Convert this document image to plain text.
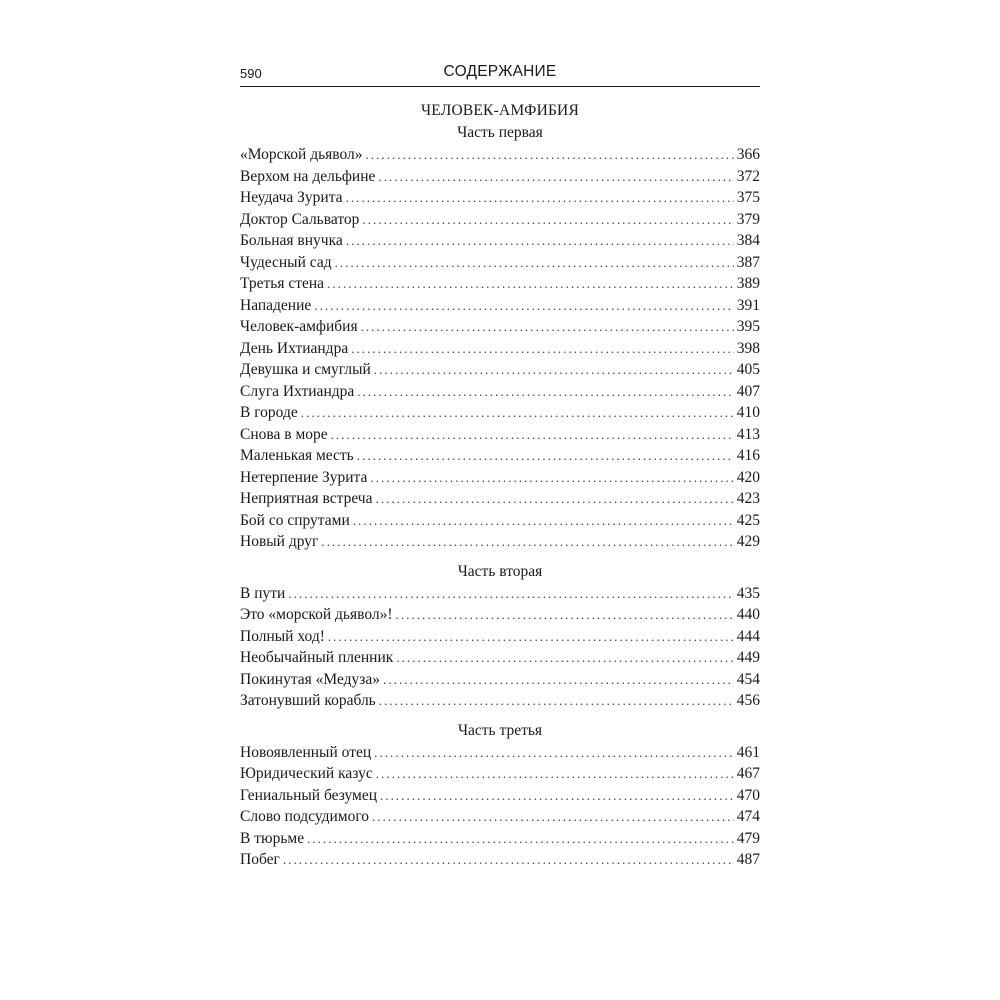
590	СОДЕРЖАНИЕ
ЧЕЛОВЕК-АМФИБИЯ
Часть первая
«Морской дьявол» . . .	366
Верхом на дельфине . . .	372
Неудача Зурита . . .	375
Доктор Сальватор . . .	379
Больная внучка . . .	384
Чудесный сад . . .	387
Третья стена . . .	389
Нападение . . .	391
Человек-амфибия . . .	395
День Ихтиандра . . .	398
Девушка и смуглый . . .	405
Слуга Ихтиандра . . .	407
В городе . . .	410
Снова в море . . .	413
Маленькая месть . . .	416
Нетерпение Зурита . . .	420
Неприятная встреча . . .	423
Бой со спрутами . . .	425
Новый друг . . .	429
Часть вторая
В пути . . .	435
Это «морской дьявол»! . . .	440
Полный ход! . . .	444
Необычайный пленник . . .	449
Покинутая «Медуза» . . .	454
Затонувший корабль . . .	456
Часть третья
Новоявленный отец . . .	461
Юридический казус . . .	467
Гениальный безумец . . .	470
Слово подсудимого . . .	474
В тюрьме . . .	479
Побег . . .	487
